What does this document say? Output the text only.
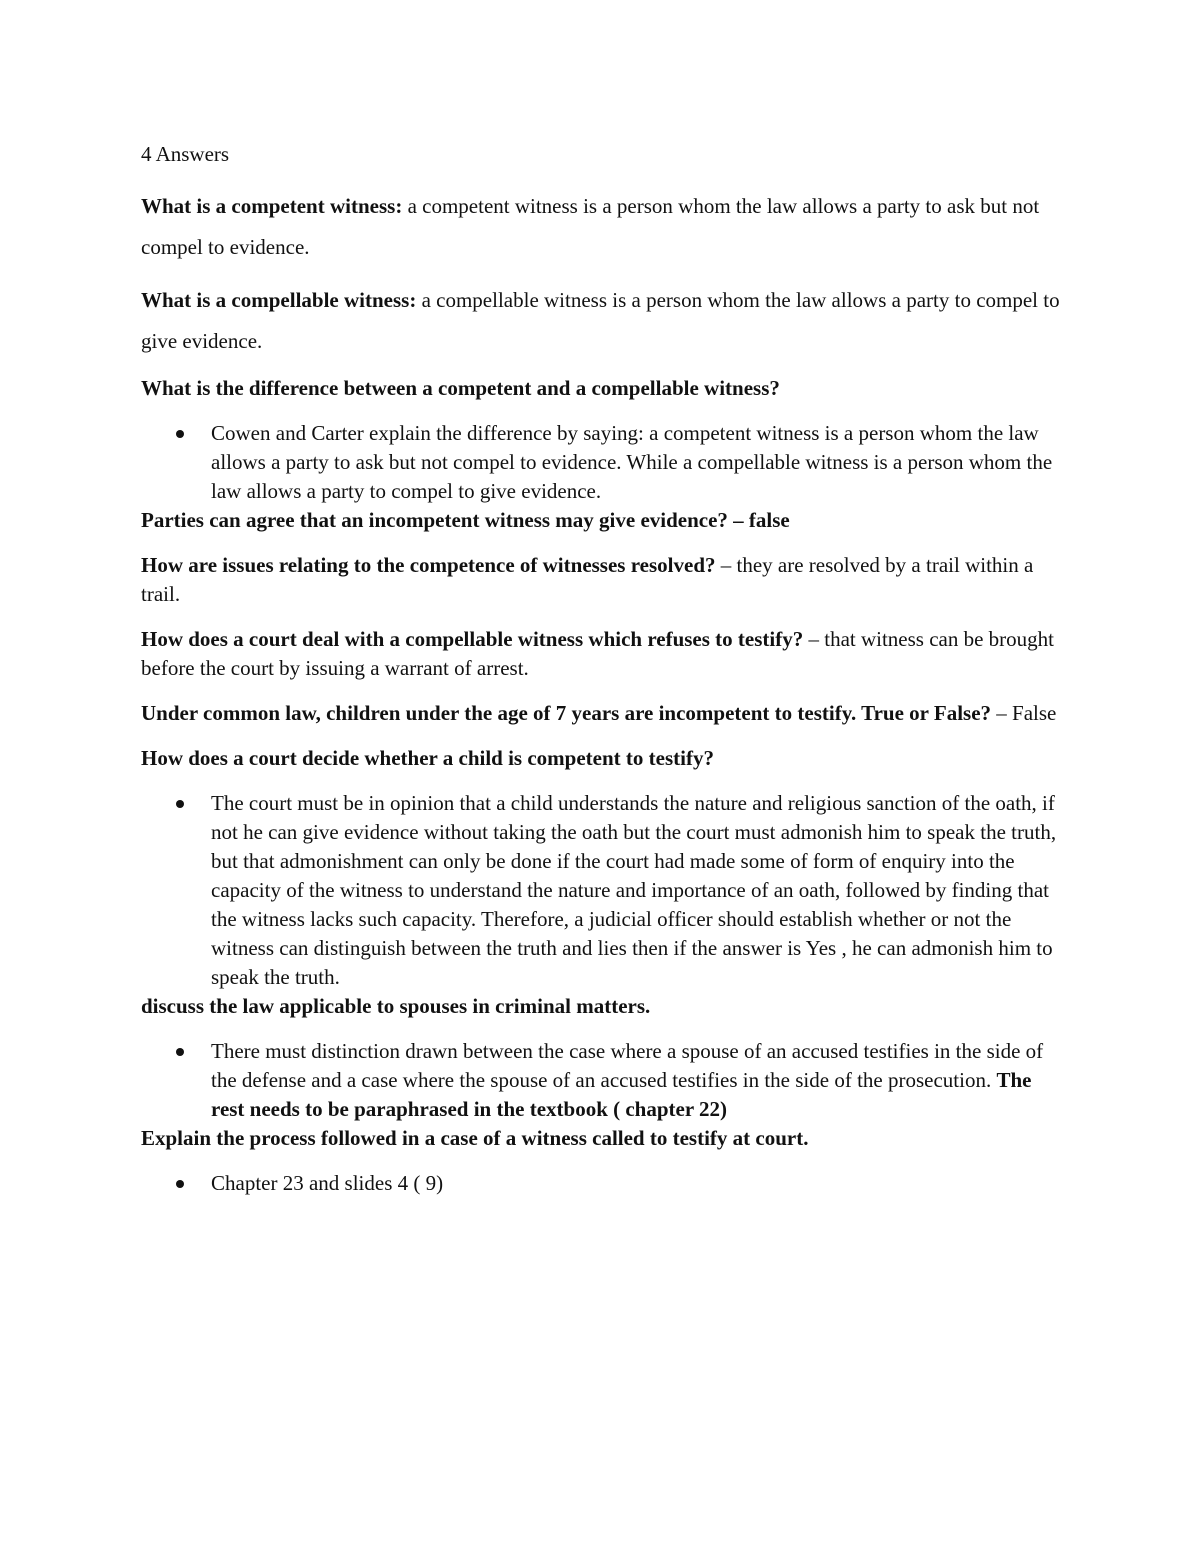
4 Answers

What is a competent witness: a competent witness is a person whom the law allows a party to ask but not compel to evidence.

What is a compellable witness: a compellable witness is a person whom the law allows a party to compel to give evidence.

What is the difference between a competent and a compellable witness?

Cowen and Carter explain the difference by saying: a competent witness is a person whom the law allows a party to ask but not compel to evidence. While a compellable witness is a person whom the law allows a party to compel to give evidence.

Parties can agree that an incompetent witness may give evidence? – false

How are issues relating to the competence of witnesses resolved? – they are resolved by a trail within a trail.

How does a court deal with a compellable witness which refuses to testify? – that witness can be brought before the court by issuing a warrant of arrest.

Under common law, children under the age of 7 years are incompetent to testify. True or False? – False

How does a court decide whether a child is competent to testify?

The court must be in opinion that a child understands the nature and religious sanction of the oath, if not he can give evidence without taking the oath but the court must admonish him to speak the truth, but that admonishment can only be done if the court had made some of form of enquiry into the capacity of the witness to understand the nature and importance of an oath, followed by finding that the witness lacks such capacity. Therefore, a judicial officer should establish whether or not the witness can distinguish between the truth and lies then if the answer is Yes , he can admonish him to speak the truth.

discuss the law applicable to spouses in criminal matters.

There must distinction drawn between the case where a spouse of an accused testifies in the side of the defense and a case where the spouse of an accused testifies in the side of the prosecution. The rest needs to be paraphrased in the textbook ( chapter 22)

Explain the process followed in a case of a witness called to testify at court.

Chapter 23 and slides 4 ( 9)
